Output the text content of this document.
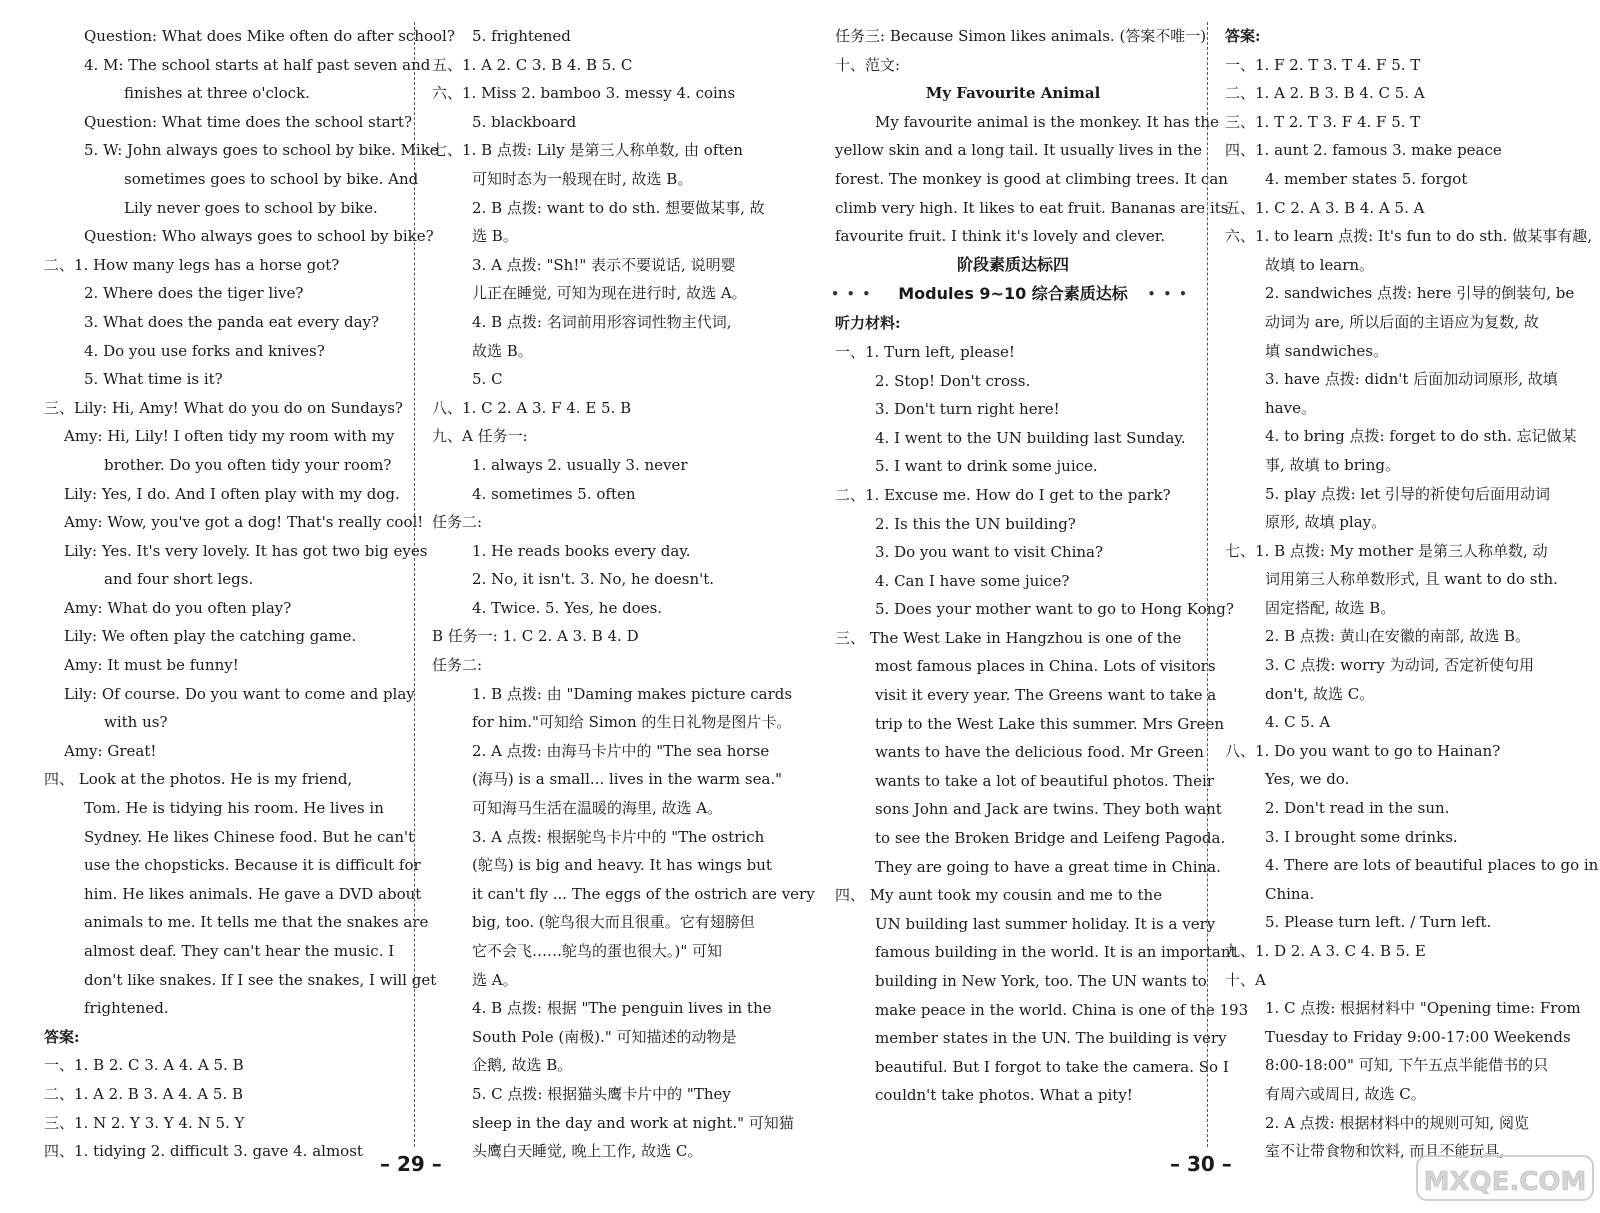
Question: What does Mike often do after school?
4. M: The school starts at half past seven and
finishes at three o'clock.
Question: What time does the school start?
5. W: John always goes to school by bike. Mike
sometimes goes to school by bike. And
Lily never goes to school by bike.
Question: Who always goes to school by bike?
二、1. How many legs has a horse got?
2. Where does the tiger live?
3. What does the panda eat every day?
4. Do you use forks and knives?
5. What time is it?
三、Lily: Hi, Amy! What do you do on Sundays?
Amy: Hi, Lily! I often tidy my room with my
brother. Do you often tidy your room?
Lily: Yes, I do. And I often play with my dog.
Amy: Wow, you've got a dog! That's really cool!
Lily: Yes. It's very lovely. It has got two big eyes
and four short legs.
Amy: What do you often play?
Lily: We often play the catching game.
Amy: It must be funny!
Lily: Of course. Do you want to come and play
with us?
Amy: Great!
四、 Look at the photos. He is my friend,
Tom. He is tidying his room. He lives in
Sydney. He likes Chinese food. But he can't
use the chopsticks. Because it is difficult for
him. He likes animals. He gave a DVD about
animals to me. It tells me that the snakes are
almost deaf. They can't hear the music. I
don't like snakes. If I see the snakes, I will get
frightened.
答案:
一、1. B 2. C 3. A 4. A 5. B
二、1. A 2. B 3. A 4. A 5. B
三、1. N 2. Y 3. Y 4. N 5. Y
四、1. tidying 2. difficult 3. gave 4. almost
5. frightened
五、1. A 2. C 3. B 4. B 5. C
六、1. Miss 2. bamboo 3. messy 4. coins
5. blackboard
七、1. B 点拨: Lily 是第三人称单数, 由 often
可知时态为一般现在时, 故选 B。
2. B 点拨: want to do sth. 想要做某事, 故
选 B。
3. A 点拨: "Sh!" 表示不要说话, 说明婴
儿正在睡觉, 可知为现在进行时, 故选 A。
4. B 点拨: 名词前用形容词性物主代词,
故选 B。
5. C
八、1. C 2. A 3. F 4. E 5. B
九、A 任务一:
1. always 2. usually 3. never
4. sometimes 5. often
任务二:
1. He reads books every day.
2. No, it isn't. 3. No, he doesn't.
4. Twice. 5. Yes, he does.
B 任务一: 1. C 2. A 3. B 4. D
任务二:
1. B 点拨: 由 "Daming makes picture cards
for him."可知给 Simon 的生日礼物是图片卡。
2. A 点拨: 由海马卡片中的 "The sea horse
(海马) is a small... lives in the warm sea."
可知海马生活在温暖的海里, 故选 A。
3. A 点拨: 根据鸵鸟卡片中的 "The ostrich
(鸵鸟) is big and heavy. It has wings but
it can't fly ... The eggs of the ostrich are very
big, too. (鸵鸟很大而且很重。它有翅膀但
它不会飞……鸵鸟的蛋也很大。)" 可知
选 A。
4. B 点拨: 根据 "The penguin lives in the
South Pole (南极)." 可知描述的动物是
企鹅, 故选 B。
5. C 点拨: 根据猫头鹰卡片中的 "They
sleep in the day and work at night." 可知猫
头鹰白天睡觉, 晚上工作, 故选 C。
任务三: Because Simon likes animals. (答案不唯一)
十、范文:
My Favourite Animal
My favourite animal is the monkey. It has the
yellow skin and a long tail. It usually lives in the
forest. The monkey is good at climbing trees. It can
climb very high. It likes to eat fruit. Bananas are its
favourite fruit. I think it's lovely and clever.
阶段素质达标四
•••	Modules 9~10 综合素质达标	•••
听力材料:
一、1. Turn left, please!
2. Stop! Don't cross.
3. Don't turn right here!
4. I went to the UN building last Sunday.
5. I want to drink some juice.
二、1. Excuse me. How do I get to the park?
2. Is this the UN building?
3. Do you want to visit China?
4. Can I have some juice?
5. Does your mother want to go to Hong Kong?
三、 The West Lake in Hangzhou is one of the
most famous places in China. Lots of visitors
visit it every year. The Greens want to take a
trip to the West Lake this summer. Mrs Green
wants to have the delicious food. Mr Green
wants to take a lot of beautiful photos. Their
sons John and Jack are twins. They both want
to see the Broken Bridge and Leifeng Pagoda.
They are going to have a great time in China.
四、 My aunt took my cousin and me to the
UN building last summer holiday. It is a very
famous building in the world. It is an important
building in New York, too. The UN wants to
make peace in the world. China is one of the 193
member states in the UN. The building is very
beautiful. But I forgot to take the camera. So I
couldn't take photos. What a pity!
答案:
一、1. F 2. T 3. T 4. F 5. T
二、1. A 2. B 3. B 4. C 5. A
三、1. T 2. T 3. F 4. F 5. T
四、1. aunt 2. famous 3. make peace
4. member states 5. forgot
五、1. C 2. A 3. B 4. A 5. A
六、1. to learn 点拨: It's fun to do sth. 做某事有趣,
故填 to learn。
2. sandwiches 点拨: here 引导的倒装句, be
动词为 are, 所以后面的主语应为复数, 故
填 sandwiches。
3. have 点拨: didn't 后面加动词原形, 故填
have。
4. to bring 点拨: forget to do sth. 忘记做某
事, 故填 to bring。
5. play 点拨: let 引导的祈使句后面用动词
原形, 故填 play。
七、1. B 点拨: My mother 是第三人称单数, 动
词用第三人称单数形式, 且 want to do sth.
固定搭配, 故选 B。
2. B 点拨: 黄山在安徽的南部, 故选 B。
3. C 点拨: worry 为动词, 否定祈使句用
don't, 故选 C。
4. C 5. A
八、1. Do you want to go to Hainan?
Yes, we do.
2. Don't read in the sun.
3. I brought some drinks.
4. There are lots of beautiful places to go in
China.
5. Please turn left. / Turn left.
九、1. D 2. A 3. C 4. B 5. E
十、A
1. C 点拨: 根据材料中 "Opening time: From
Tuesday to Friday 9:00-17:00 Weekends
8:00-18:00" 可知, 下午五点半能借书的只
有周六或周日, 故选 C。
2. A 点拨: 根据材料中的规则可知, 阅览
室不让带食物和饮料, 而且不能玩具,
– 29 –	– 30 –
MXQE.COM
